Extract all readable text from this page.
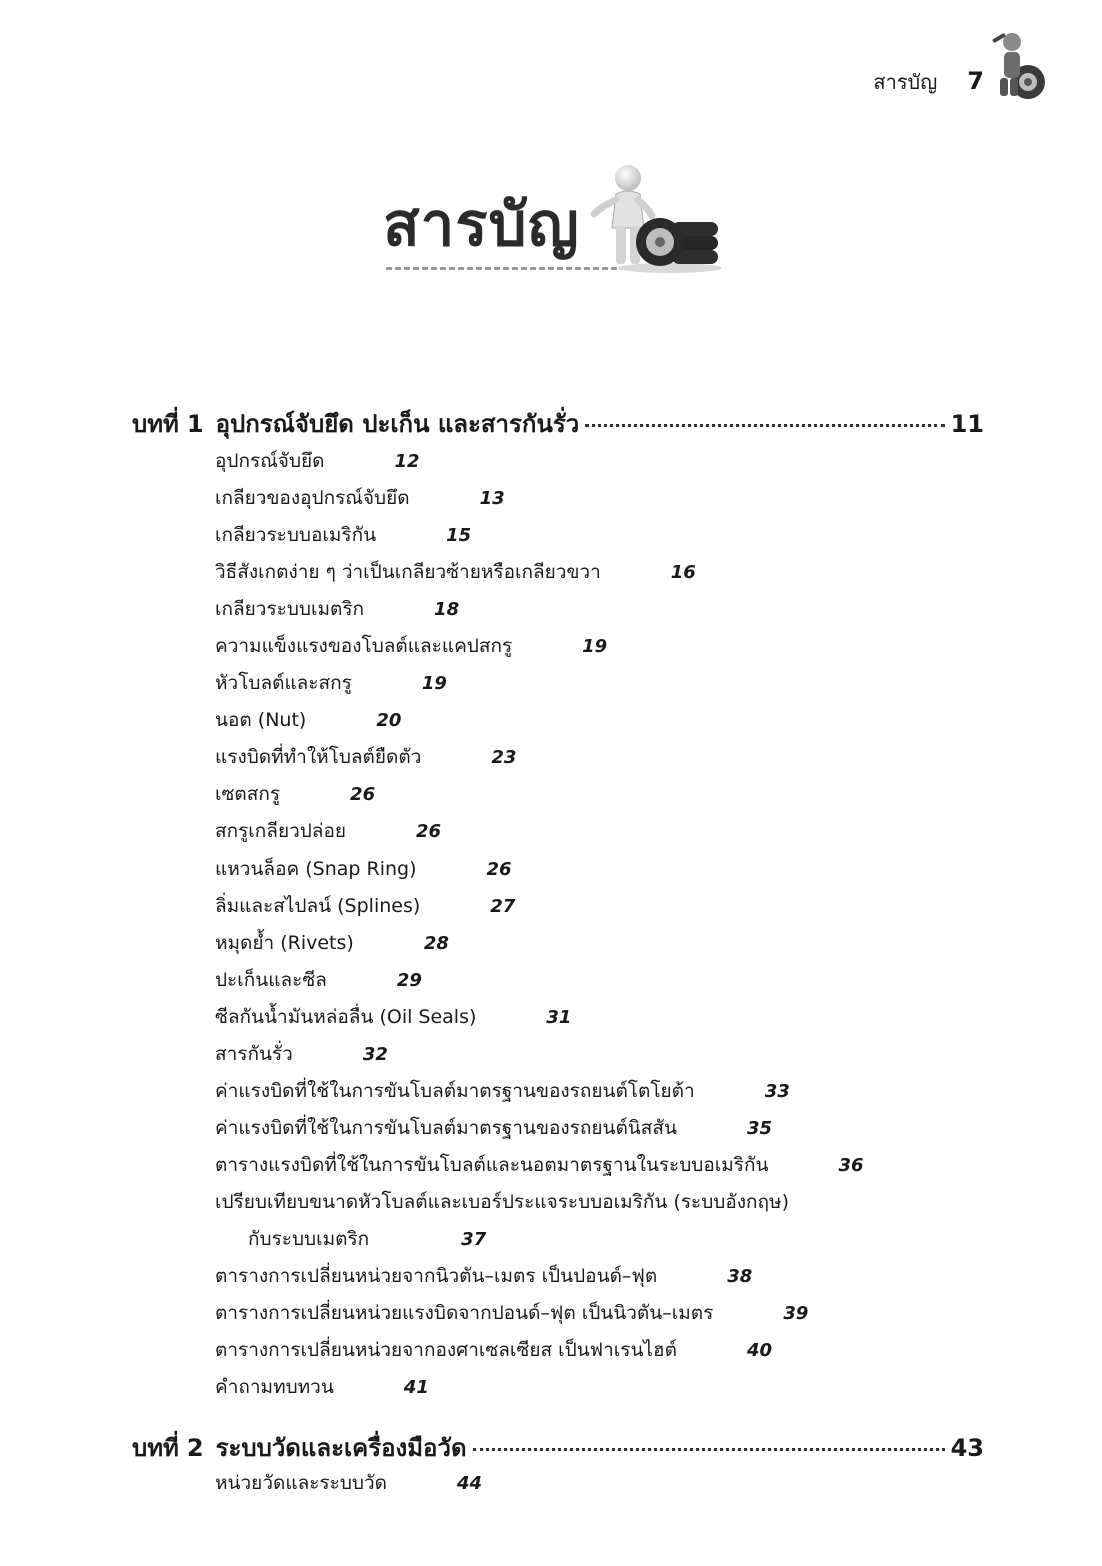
สารบัญ 7
สารบัญ
บทที่ 1 อุปกรณ์จับยึด ปะเก็น และสารกันรั่ว	11
อุปกรณ์จับยึด	12
เกลียวของอุปกรณ์จับยึด	13
เกลียวระบบอเมริกัน	15
วิธีสังเกตง่าย ๆ ว่าเป็นเกลียวซ้ายหรือเกลียวขวา	16
เกลียวระบบเมตริก	18
ความแข็งแรงของโบลต์และแคปสกรู	19
หัวโบลต์และสกรู	19
นอต (Nut)	20
แรงบิดที่ทำให้โบลต์ยืดตัว	23
เซตสกรู	26
สกรูเกลียวปล่อย	26
แหวนล็อค (Snap Ring)	26
ลิ่มและสไปลน์ (Splines)	27
หมุดย้ำ (Rivets)	28
ปะเก็นและซีล	29
ซีลกันน้ำมันหล่อลื่น (Oil Seals)	31
สารกันรั่ว	32
ค่าแรงบิดที่ใช้ในการขันโบลต์มาตรฐานของรถยนต์โตโยต้า	33
ค่าแรงบิดที่ใช้ในการขันโบลต์มาตรฐานของรถยนต์นิสสัน	35
ตารางแรงบิดที่ใช้ในการขันโบลต์และนอตมาตรฐานในระบบอเมริกัน	36
เปรียบเทียบขนาดหัวโบลต์และเบอร์ประแจระบบอเมริกัน (ระบบอังกฤษ)
กับระบบเมตริก	37
ตารางการเปลี่ยนหน่วยจากนิวตัน–เมตร เป็นปอนด์–ฟุต	38
ตารางการเปลี่ยนหน่วยแรงบิดจากปอนด์–ฟุต เป็นนิวตัน–เมตร	39
ตารางการเปลี่ยนหน่วยจากองศาเซลเซียส เป็นฟาเรนไฮต์	40
คำถามทบทวน	41
บทที่ 2 ระบบวัดและเครื่องมือวัด	43
หน่วยวัดและระบบวัด	44
